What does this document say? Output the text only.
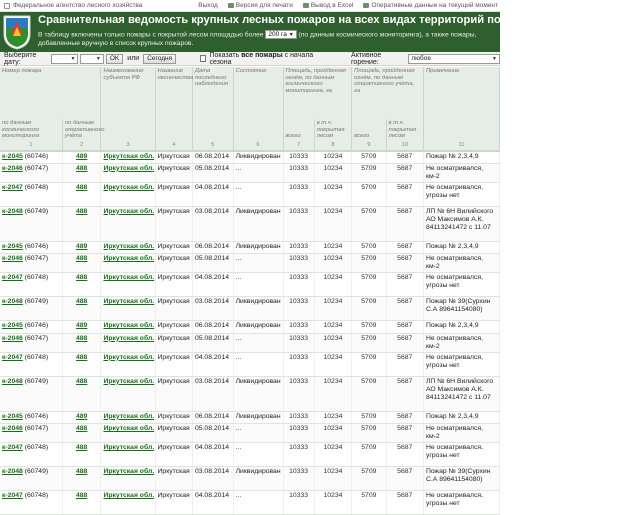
Федеральное агентство лесного хозяйства	Выход	Версия для печати	Вывод в Excel	Оперативные данные на текущий момент
Сравнительная ведомость крупных лесных пожаров на всех видах территорий по состоянию на 10.08.2014
В таблицу включены только пожары с покрытой лесом площадью более 200 га ▼ (по данным космического мониторинга), а также пожары, добавленные вручную в список крупных пожаров.
Выберите дату:	▼	▼	OK	или	Сегодня	Показать все пожары с начала сезона
Активное горение:	любое	▼
Номер пожара		Наименование субъекта РФ	Название лесничества	Дата последнего наблюдения	Состояние	Площадь, пройденная огнём, по данным космического мониторинга, га		Площадь, пройденная огнём, по данным оперативного учёта, га		Примечание
по данным космического мониторинга	по данным оперативного учёта					всего	в т.ч. покрытая лесом	всего	в т.ч. покрытая лесом	
1	2	3	4	5	6	7	8	9	10	11
к-2045 (60746)	489	Иркутская обл.	Иркутская	06.08.2014	Ликвидирован	10333	10234	5709	5687	Пожар № 2,3,4,9
к-2046 (60747)	488	Иркутская обл.	Иркутская	05.08.2014	...	10333	10234	5709	5687	Не осматривался, км-2
к-2047 (60748)	488	Иркутская обл.	Иркутская	04.08.2014	...	10333	10234	5709	5687	Не осматривался, угрозы нет
к-2048 (60749)	488	Иркутская обл.	Иркутская	03.08.2014	Ликвидирован	10333	10234	5709	5687	ЛП № 6Н Вилийского АО Максимов А.К. 84113241472 с 11.07
к-2045 (60746)	489	Иркутская обл.	Иркутская	06.08.2014	Ликвидирован	10333	10234	5709	5687	Пожар № 2,3,4,9
к-2046 (60747)	488	Иркутская обл.	Иркутская	05.08.2014	...	10333	10234	5709	5687	Не осматривался, км-2
к-2047 (60748)	488	Иркутская обл.	Иркутская	04.08.2014	...	10333	10234	5709	5687	Не осматривался, угрозы нет
к-2048 (60749)	488	Иркутская обл.	Иркутская	03.08.2014	Ликвидирован	10333	10234	5709	5687	Пожар № 39(Сурхин С.А 89641154080)
к-2045 (60746)	489	Иркутская обл.	Иркутская	06.08.2014	Ликвидирован	10333	10234	5709	5687	Пожар № 2,3,4,9
к-2046 (60747)	488	Иркутская обл.	Иркутская	05.08.2014	...	10333	10234	5709	5687	Не осматривался, км-2
к-2047 (60748)	488	Иркутская обл.	Иркутская	04.08.2014	...	10333	10234	5709	5687	Не осматривался, угрозы нет
к-2048 (60749)	488	Иркутская обл.	Иркутская	03.08.2014	Ликвидирован	10333	10234	5709	5687	ЛП № 6Н Вилийского АО Максимов А.К. 84113241472 с 11.07
к-2045 (60746)	489	Иркутская обл.	Иркутская	06.08.2014	Ликвидирован	10333	10234	5709	5687	Пожар № 2,3,4,9
к-2046 (60747)	488	Иркутская обл.	Иркутская	05.08.2014	...	10333	10234	5709	5687	Не осматривался, км-2
к-2047 (60748)	488	Иркутская обл.	Иркутская	04.08.2014	...	10333	10234	5709	5687	Не осматривался, угрозы нет
к-2048 (60749)	488	Иркутская обл.	Иркутская	03.08.2014	Ликвидирован	10333	10234	5709	5687	Пожар № 39(Сурхин С.А 89641154080)
к-2047 (60748)	488	Иркутская обл.	Иркутская	04.08.2014	...	10333	10234	5709	5687	Не осматривался, угрозы нет
